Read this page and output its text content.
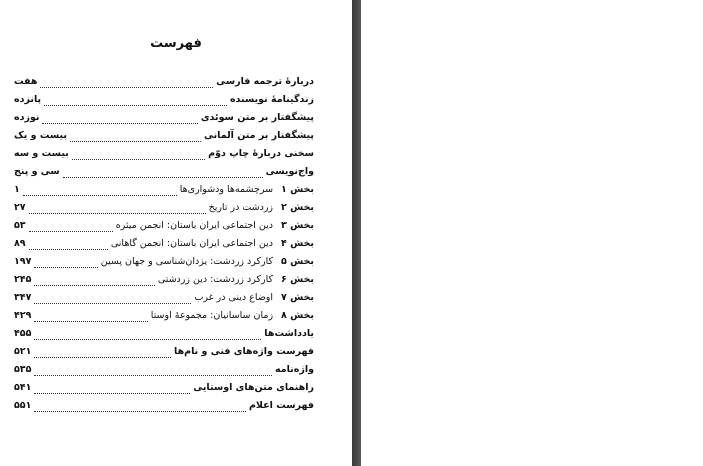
فهرست
دربارهٔ ترجمه فارسی
هفت
زندگینامهٔ نویسنده
پانزده
پیشگفتار بر متن سوئدی
نوزده
پیشگفتار بر متن آلمانی
بیست و یک
سخنی دربارهٔ چاپ دوّم
بیست و سه
واج‌نویسی
سی و پنج
بخش ۱سرچشمه‌ها ودشواری‌ها
۱
بخش ۲زردشت در تاریخ
۲۷
بخش ۳دین اجتماعی ایران باستان: انجمن میثره
۵۳
بخش ۴دین اجتماعی ایران باستان: انجمن گاهانی
۸۹
بخش ۵کارکرد زردشت: یزدان‌شناسی و جهان پسین
۱۹۷
بخش ۶کارکرد زردشت: دین زردشتی
۲۴۵
بخش ۷اوضاع دینی در غرب
۳۴۷
بخش ۸زمان ساسانیان: مجموعهٔ اوستا
۴۲۹
یادداشت‌ها
۴۵۵
فهرست واژه‌های فنی و نام‌ها
۵۲۱
واژه‌نامه
۵۳۵
راهنمای متن‌های اوستایی
۵۴۱
فهرست اعلام
۵۵۱
